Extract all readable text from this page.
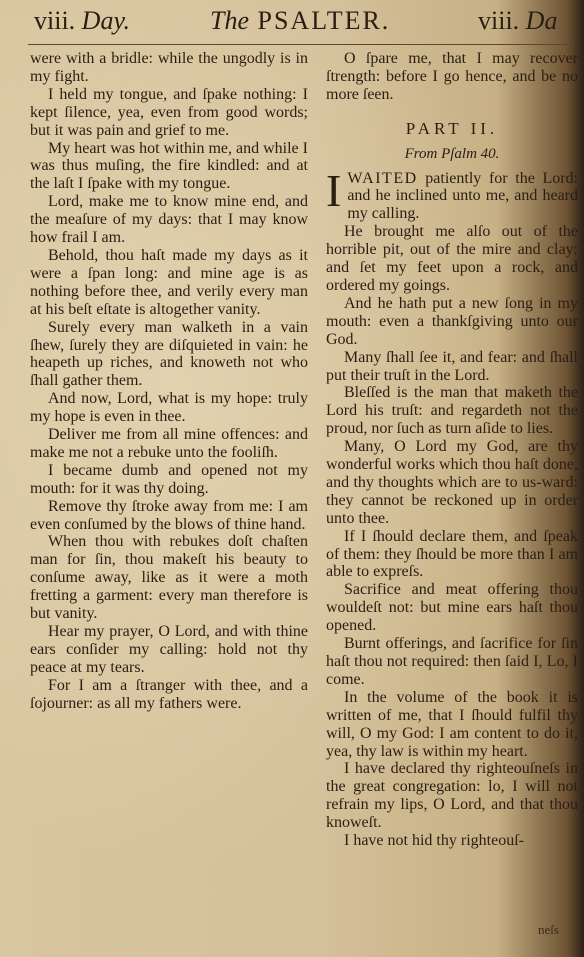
viii. Day.	The PSALTER.	viii. Da

were with a bridle: while the ungodly is in my fight.

I held my tongue, and ſpake nothing: I kept ſilence, yea, even from good words; but it was pain and grief to me.

My heart was hot within me, and while I was thus muſing, the fire kindled: and at the laſt I ſpake with my tongue.

Lord, make me to know mine end, and the meaſure of my days: that I may know how frail I am.

Behold, thou haſt made my days as it were a ſpan long: and mine age is as nothing before thee, and verily every man at his beſt eſtate is altogether vanity.

Surely every man walketh in a vain ſhew, ſurely they are diſquieted in vain: he heapeth up riches, and knoweth not who ſhall gather them.

And now, Lord, what is my hope: truly my hope is even in thee.

Deliver me from all mine offences: and make me not a rebuke unto the fooliſh.

I became dumb and opened not my mouth: for it was thy doing.

Remove thy ſtroke away from me: I am even conſumed by the blows of thine hand.

When thou with rebukes doſt chaſten man for ſin, thou makeſt his beauty to conſume away, like as it were a moth fretting a garment: every man therefore is but vanity.

Hear my prayer, O Lord, and with thine ears conſider my calling: hold not thy peace at my tears.

For I am a ſtranger with thee, and a ſojourner: as all my fathers were.

O ſpare me, that I may recover ſtrength: before I go hence, and be no more ſeen.

PART II.
From Pſalm 40.

IWAITED patiently for the Lord: and he inclined unto me, and heard my calling.

He brought me alſo out of the horrible pit, out of the mire and clay: and ſet my feet upon a rock, and ordered my goings.

And he hath put a new ſong in my mouth: even a thankſgiving unto our God.

Many ſhall ſee it, and fear: and ſhall put their truſt in the Lord.

Bleſſed is the man that maketh the Lord his truſt: and regardeth not the proud, nor ſuch as turn aſide to lies.

Many, O Lord my God, are thy wonderful works which thou haſt done, and thy thoughts which are to us-ward: they cannot be reckoned up in order unto thee.

If I ſhould declare them, and ſpeak of them: they ſhould be more than I am able to expreſs.

Sacrifice and meat offering thou wouldeſt not: but mine ears haſt thou opened.

Burnt offerings, and ſacrifice for ſin haſt thou not required: then ſaid I, Lo, I come.

In the volume of the book it is written of me, that I ſhould fulfil thy will, O my God: I am content to do it, yea, thy law is within my heart.

I have declared thy righteouſneſs in the great congregation: lo, I will not refrain my lips, O Lord, and that thou knoweſt.

I have not hid thy righteouſ-

neſs
